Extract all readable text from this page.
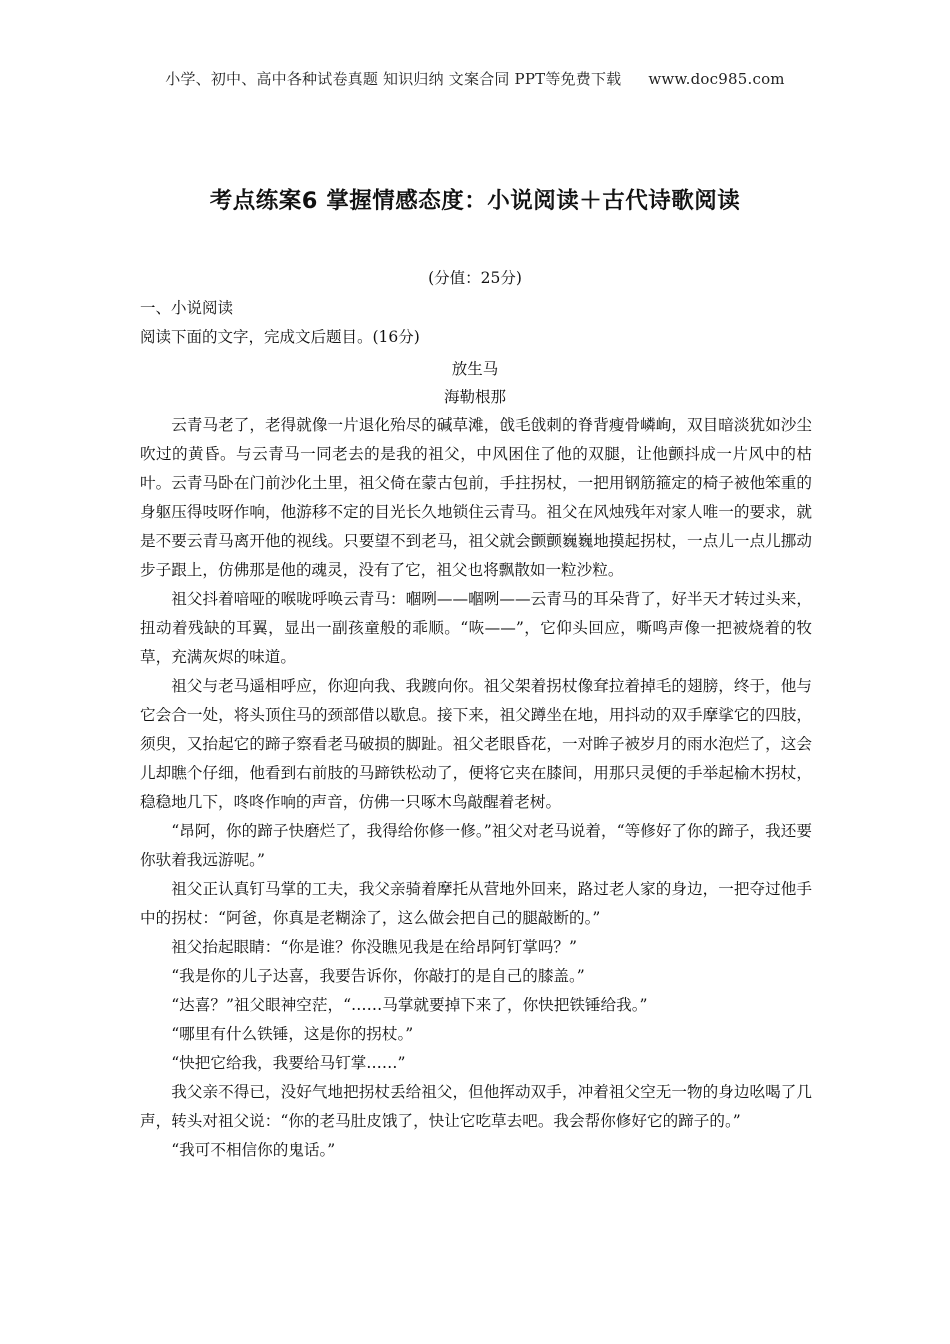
小学、初中、高中各种试卷真题 知识归纳 文案合同 PPT等免费下载 www.doc985.com
考点练案6 掌握情感态度：小说阅读＋古代诗歌阅读
(分值：25分)
一、小说阅读
阅读下面的文字，完成文后题目。(16分)
放生马
海勒根那

云青马老了，老得就像一片退化殆尽的碱草滩，戗毛戗刺的脊背瘦骨嶙峋，双目暗淡犹如沙尘吹过的黄昏。与云青马一同老去的是我的祖父，中风困住了他的双腿，让他颤抖成一片风中的枯叶。云青马卧在门前沙化土里，祖父倚在蒙古包前，手拄拐杖，一把用钢筋箍定的椅子被他笨重的身躯压得吱呀作响，他游移不定的目光长久地锁住云青马。祖父在风烛残年对家人唯一的要求，就是不要云青马离开他的视线。只要望不到老马，祖父就会颤颤巍巍地摸起拐杖，一点儿一点儿挪动步子跟上，仿佛那是他的魂灵，没有了它，祖父也将飘散如一粒沙粒。

祖父抖着喑哑的喉咙呼唤云青马：嗰咧——嗰咧——云青马的耳朵背了，好半天才转过头来，扭动着残缺的耳翼，显出一副孩童般的乖顺。“咴——”，它仰头回应，嘶鸣声像一把被烧着的牧草，充满灰烬的味道。

祖父与老马遥相呼应，你迎向我、我踱向你。祖父架着拐杖像耷拉着掉毛的翅膀，终于，他与它会合一处，将头顶住马的颈部借以歇息。接下来，祖父蹲坐在地，用抖动的双手摩挲它的四肢，须臾，又抬起它的蹄子察看老马破损的脚趾。祖父老眼昏花，一对眸子被岁月的雨水泡烂了，这会儿却瞧个仔细，他看到右前肢的马蹄铁松动了，便将它夹在膝间，用那只灵便的手举起榆木拐杖，稳稳地几下，咚咚作响的声音，仿佛一只啄木鸟敲醒着老树。

“昂阿，你的蹄子快磨烂了，我得给你修一修。”祖父对老马说着，“等修好了你的蹄子，我还要你驮着我远游呢。”

祖父正认真钉马掌的工夫，我父亲骑着摩托从营地外回来，路过老人家的身边，一把夺过他手中的拐杖：“阿爸，你真是老糊涂了，这么做会把自己的腿敲断的。”

祖父抬起眼睛：“你是谁？你没瞧见我是在给昂阿钉掌吗？”

“我是你的儿子达喜，我要告诉你，你敲打的是自己的膝盖。”

“达喜？”祖父眼神空茫，“……马掌就要掉下来了，你快把铁锤给我。”

“哪里有什么铁锤，这是你的拐杖。”

“快把它给我，我要给马钉掌……”

我父亲不得已，没好气地把拐杖丢给祖父，但他挥动双手，冲着祖父空无一物的身边吆喝了几声，转头对祖父说：“你的老马肚皮饿了，快让它吃草去吧。我会帮你修好它的蹄子的。”

“我可不相信你的鬼话。”
